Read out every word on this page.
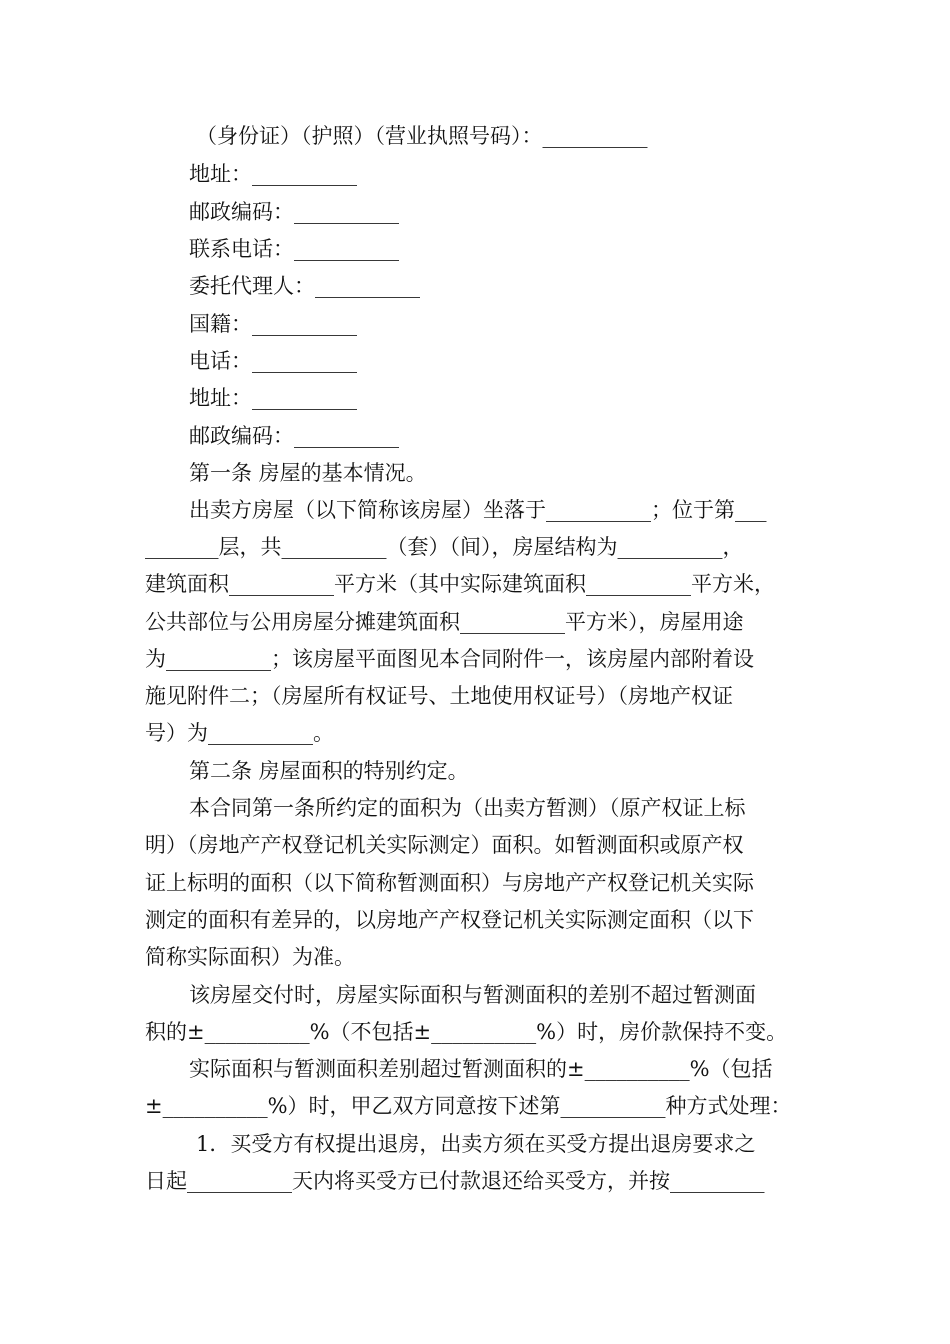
（身份证）（护照）（营业执照号码）：__________
地址：__________
邮政编码：__________
联系电话：__________
委托代理人：__________
国籍：__________
电话：__________
地址：__________
邮政编码：__________
第一条 房屋的基本情况。
出卖方房屋（以下简称该房屋）坐落于__________；位于第___
_______层，共__________（套）（间），房屋结构为__________，
建筑面积__________平方米（其中实际建筑面积__________平方米，
公共部位与公用房屋分摊建筑面积__________平方米），房屋用途
为__________；该房屋平面图见本合同附件一，该房屋内部附着设
施见附件二；（房屋所有权证号、土地使用权证号）（房地产权证
号）为__________。
第二条 房屋面积的特别约定。
本合同第一条所约定的面积为（出卖方暂测）（原产权证上标
明）（房地产产权登记机关实际测定）面积。如暂测面积或原产权
证上标明的面积（以下简称暂测面积）与房地产产权登记机关实际
测定的面积有差异的，以房地产产权登记机关实际测定面积（以下
简称实际面积）为准。
该房屋交付时，房屋实际面积与暂测面积的差别不超过暂测面
积的±__________%（不包括±__________%）时，房价款保持不变。
实际面积与暂测面积差别超过暂测面积的±__________%（包括
±__________%）时，甲乙双方同意按下述第__________种方式处理：
1．买受方有权提出退房，出卖方须在买受方提出退房要求之
日起__________天内将买受方已付款退还给买受方，并按_________
